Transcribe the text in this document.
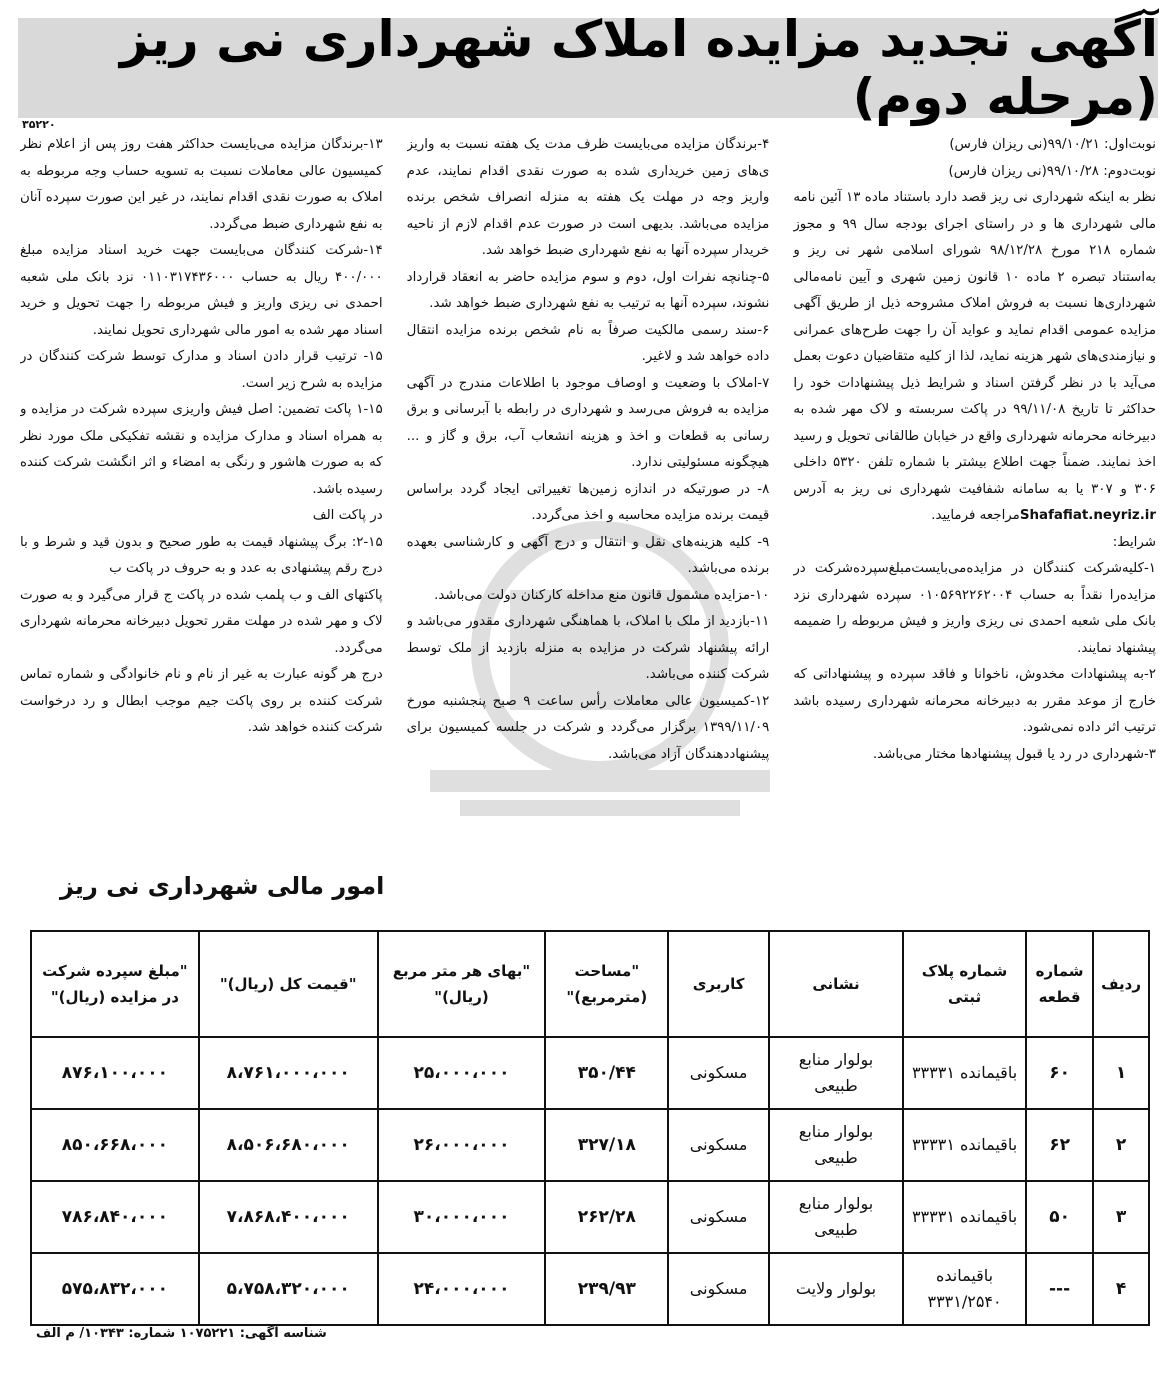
آگهی تجدید مزایده املاک شهرداری نی ریز (مرحله دوم)
۳۵۲۲۰

نوبت‌اول: ۹۹/۱۰/۲۱(نی ریزان فارس)

نوبت‌دوم: ۹۹/۱۰/۲۸(نی ریزان فارس)

نظر به اینکه شهرداری نی ریز قصد دارد باستناد ماده ۱۳ آئین نامه مالی شهرداری ها و در راستای اجرای بودجه سال ۹۹ و مجوز شماره ۲۱۸ مورخ ۹۸/۱۲/۲۸ شورای اسلامی شهر نی ریز و به‌استناد تبصره ۲ ماده ۱۰ قانون زمین شهری و آیین نامه‌مالی شهرداری‌ها نسبت به فروش املاک مشروحه ذیل از طریق آگهی مزایده عمومی اقدام نماید و عواید آن را جهت طرح‌های عمرانی و نیازمندی‌های شهر هزینه نماید، لذا از کلیه متقاضیان دعوت بعمل می‌آید با در نظر گرفتن اسناد و شرایط ذیل پیشنهادات خود را حداکثر تا تاریخ ۹۹/۱۱/۰۸ در پاکت سربسته و لاک مهر شده به دبیرخانه محرمانه شهرداری واقع در خیابان طالقانی تحویل و رسید اخذ نمایند. ضمناً جهت اطلاع بیشتر با شماره تلفن ۵۳۲۰ داخلی ۳۰۶ و ۳۰۷ یا به سامانه شفافیت شهرداری نی ریز به آدرس Shafafiat.neyriz.irمراجعه فرمایید.

شرایط:

۱-کلیه‌شرکت کنندگان در مزایده‌می‌بایست‌مبلغ‌سپرده‌شرکت در مزایده‌را نقداً به حساب ۰۱۰۵۶۹۲۲۶۲۰۰۴ سپرده شهرداری نزد بانک ملی شعبه احمدی نی ریزی واریز و فیش مربوطه را ضمیمه پیشنهاد نمایند.

۲-به پیشنهادات مخدوش، ناخوانا و فاقد سپرده و پیشنهاداتی که خارج از موعد مقرر به دبیرخانه محرمانه شهرداری رسیده باشد ترتیب اثر داده نمی‌شود.

۳-شهرداری در رد یا قبول پیشنهادها مختار می‌باشد.

۴-برندگان مزایده می‌بایست ظرف مدت یک هفته نسبت به واریز ی‌های زمین خریداری شده به صورت نقدی اقدام نمایند، عدم واریز وجه در مهلت یک هفته به منزله انصراف شخص برنده مزایده می‌باشد. بدیهی است در صورت عدم اقدام لازم از ناحیه خریدار سپرده آنها به نفع شهرداری ضبط خواهد شد.

۵-چنانچه نفرات اول، دوم و سوم مزایده حاضر به انعقاد قرارداد نشوند، سپرده آنها به ترتیب به نفع شهرداری ضبط خواهد شد.

۶-سند رسمی مالکیت صرفاً به نام شخص برنده مزایده انتقال داده خواهد شد و لاغیر.

۷-املاک با وضعیت و اوصاف موجود با اطلاعات مندرج در آگهی مزایده به فروش می‌رسد و شهرداری در رابطه با آبرسانی و برق رسانی به قطعات و اخذ و هزینه انشعاب آب، برق و گاز و ... هیچگونه مسئولیتی ندارد.

۸- در صورتیکه در اندازه زمین‌ها تغییراتی ایجاد گردد براساس قیمت برنده مزایده محاسبه و اخذ می‌گردد.

۹- کلیه هزینه‌های نقل و انتقال و درج آگهی و کارشناسی بعهده برنده می‌باشد.

۱۰-مزایده مشمول قانون منع مداخله کارکنان دولت می‌باشد.

۱۱-بازدید از ملک با املاک، با هماهنگی شهرداری مقدور می‌باشد و ارائه پیشنهاد شرکت در مزایده به منزله بازدید از ملک توسط شرکت کننده می‌باشد.

۱۲-کمیسیون عالی معاملات رأس ساعت ۹ صبح پنجشنبه مورخ ۱۳۹۹/۱۱/۰۹ برگزار می‌گردد و شرکت در جلسه کمیسیون برای پیشنهاددهندگان آزاد می‌باشد.

۱۳-برندگان مزایده می‌بایست حداکثر هفت روز پس از اعلام نظر کمیسیون عالی معاملات نسبت به تسویه حساب وجه مربوطه به املاک به صورت نقدی اقدام نمایند، در غیر این صورت سپرده آنان به نفع شهرداری ضبط می‌گردد.

۱۴-شرکت کنندگان می‌بایست جهت خرید اسناد مزایده مبلغ ۴۰۰/۰۰۰ ریال به حساب ۰۱۱۰۳۱۷۴۳۶۰۰۰ نزد بانک ملی شعبه احمدی نی ریزی واریز و فیش مربوطه را جهت تحویل و خرید اسناد مهر شده به امور مالی شهرداری تحویل نمایند.

۱۵- ترتیب قرار دادن اسناد و مدارک توسط شرکت کنندگان در مزایده به شرح زیر است.

۱-۱۵ پاکت تضمین: اصل فیش واریزی سپرده شرکت در مزایده و به همراه اسناد و مدارک مزایده و نقشه تفکیکی ملک مورد نظر که به صورت هاشور و رنگی به امضاء و اثر انگشت شرکت کننده رسیده باشد.

در پاکت الف

۲-۱۵: برگ پیشنهاد قیمت به طور صحیح و بدون قید و شرط و با درج رقم پیشنهادی به عدد و به حروف در پاکت ب

پاکتهای الف و ب پلمب شده در پاکت ج قرار می‌گیرد و به صورت لاک و مهر شده در مهلت مقرر تحویل دبیرخانه محرمانه شهرداری می‌گردد.

درج هر گونه عبارت به غیر از نام و نام خانوادگی و شماره تماس شرکت کننده بر روی پاکت جیم موجب ابطال و رد درخواست شرکت کننده خواهد شد.

امور مالی شهرداری نی ریز
ردیف	شماره قطعه	شماره پلاک ثبتی	نشانی	کاربری	"مساحت (مترمربع)"	"بهای هر متر مربع (ریال)"	"قیمت کل (ریال)"	"مبلغ سپرده شرکت در مزایده (ریال)"
۱	۶۰	باقیمانده ۳۳۳۳۱	بولوار منابع طبیعی	مسکونی	۳۵۰/۴۴	۲۵،۰۰۰،۰۰۰	۸،۷۶۱،۰۰۰،۰۰۰	۸۷۶،۱۰۰،۰۰۰
۲	۶۲	باقیمانده ۳۳۳۳۱	بولوار منابع طبیعی	مسکونی	۳۲۷/۱۸	۲۶،۰۰۰،۰۰۰	۸،۵۰۶،۶۸۰،۰۰۰	۸۵۰،۶۶۸،۰۰۰
۳	۵۰	باقیمانده ۳۳۳۳۱	بولوار منابع طبیعی	مسکونی	۲۶۲/۲۸	۳۰،۰۰۰،۰۰۰	۷،۸۶۸،۴۰۰،۰۰۰	۷۸۶،۸۴۰،۰۰۰
۴	---	باقیمانده ۳۳۳۱/۲۵۴۰	بولوار ولایت	مسکونی	۲۳۹/۹۳	۲۴،۰۰۰،۰۰۰	۵،۷۵۸،۳۲۰،۰۰۰	۵۷۵،۸۳۲،۰۰۰
شناسه آگهی: ۱۰۷۵۲۲۱ شماره: ۱۰۳۴۳/ م الف
